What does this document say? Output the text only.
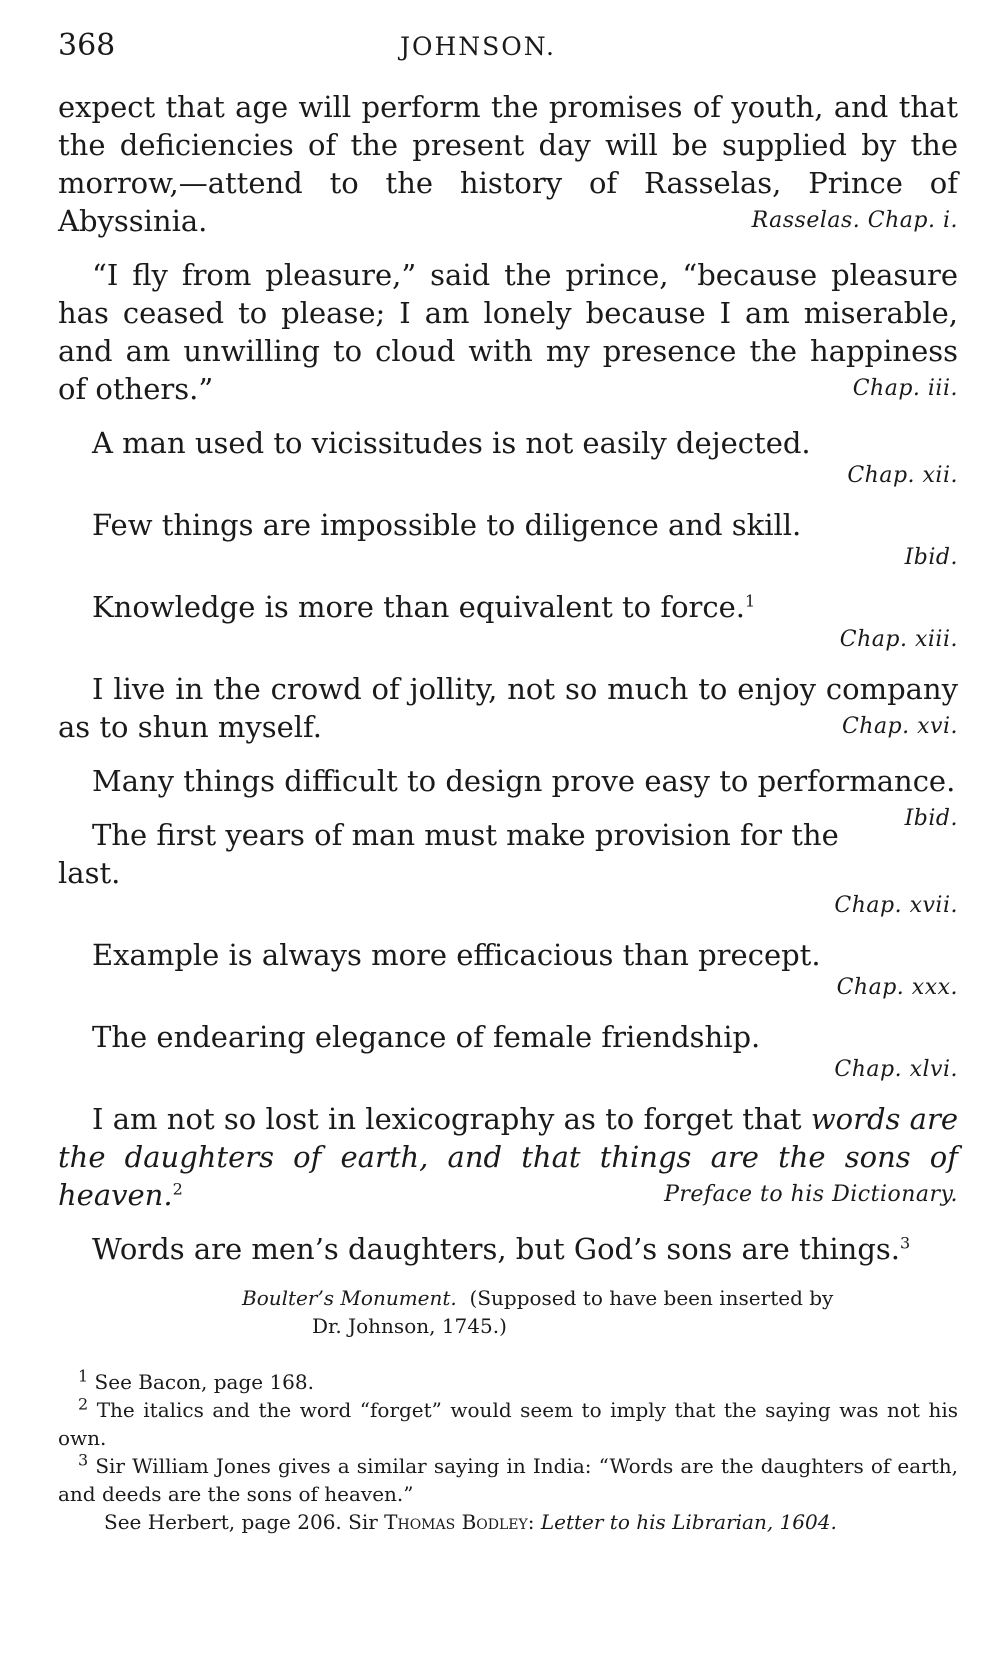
368	JOHNSON.

expect that age will perform the promises of youth, and that the deficiencies of the present day will be supplied by the morrow,—attend to the history of Rasselas, Prince of Abyssinia.	Rasselas. Chap. i.

“I fly from pleasure,” said the prince, “because pleasure has ceased to please; I am lonely because I am miserable, and am unwilling to cloud with my presence the happiness of others.”	Chap. iii.

A man used to vicissitudes is not easily dejected.

Chap. xii.

Few things are impossible to diligence and skill.

Ibid.

Knowledge is more than equivalent to force.$^1$

Chap. xiii.

I live in the crowd of jollity, not so much to enjoy company as to shun myself.	Chap. xvi.

Many things difficult to design prove easy to performance.
Ibid.

The first years of man must make provision for the last.

Chap. xvii.

Example is always more efficacious than precept.

Chap. xxx.

The endearing elegance of female friendship.

Chap. xlvi.

I am not so lost in lexicography as to forget that words are the daughters of earth, and that things are the sons of heaven.$^2$	Preface to his Dictionary.

Words are men’s daughters, but God’s sons are things.$^3$

Boulter’s Monument. (Supposed to have been inserted by
Dr. Johnson, 1745.)

$^1$ See Bacon, page 168.

$^2$ The italics and the word “forget” would seem to imply that the saying was not his own.

$^3$ Sir William Jones gives a similar saying in India: “Words are the daughters of earth, and deeds are the sons of heaven.”

See Herbert, page 206. Sir Thomas Bodley: Letter to his Librarian, 1604.
